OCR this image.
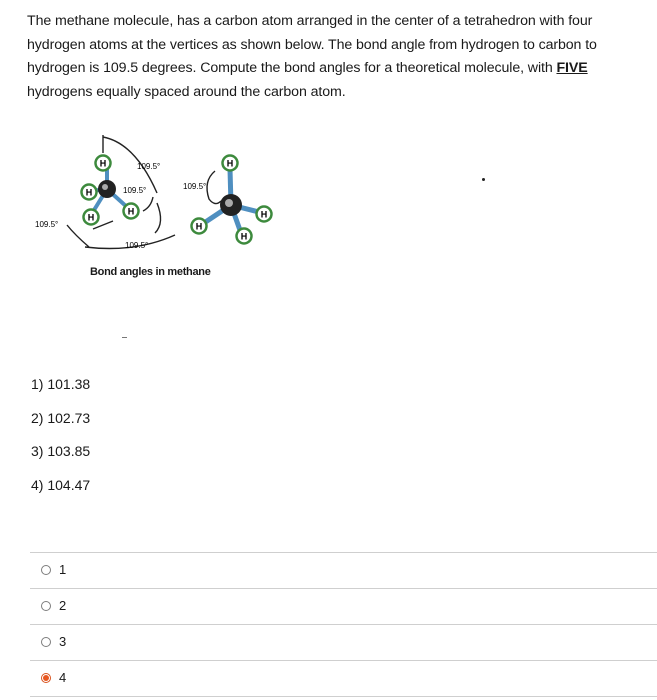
The methane molecule, has a carbon atom arranged in the center of a tetrahedron with four hydrogen atoms at the vertices as shown below. The bond angle from hydrogen to carbon to hydrogen is 109.5 degrees. Compute the bond angles for a theoretical molecule, with FIVE hydrogens equally spaced around the carbon atom.
H
H
H
H
109.5°
109.5°
109.5°
109.5°
109.5°
H
H
H
H
Bond angles in methane
1) 101.38
2) 102.73
3) 103.85
4) 104.47
1
2
3
4
